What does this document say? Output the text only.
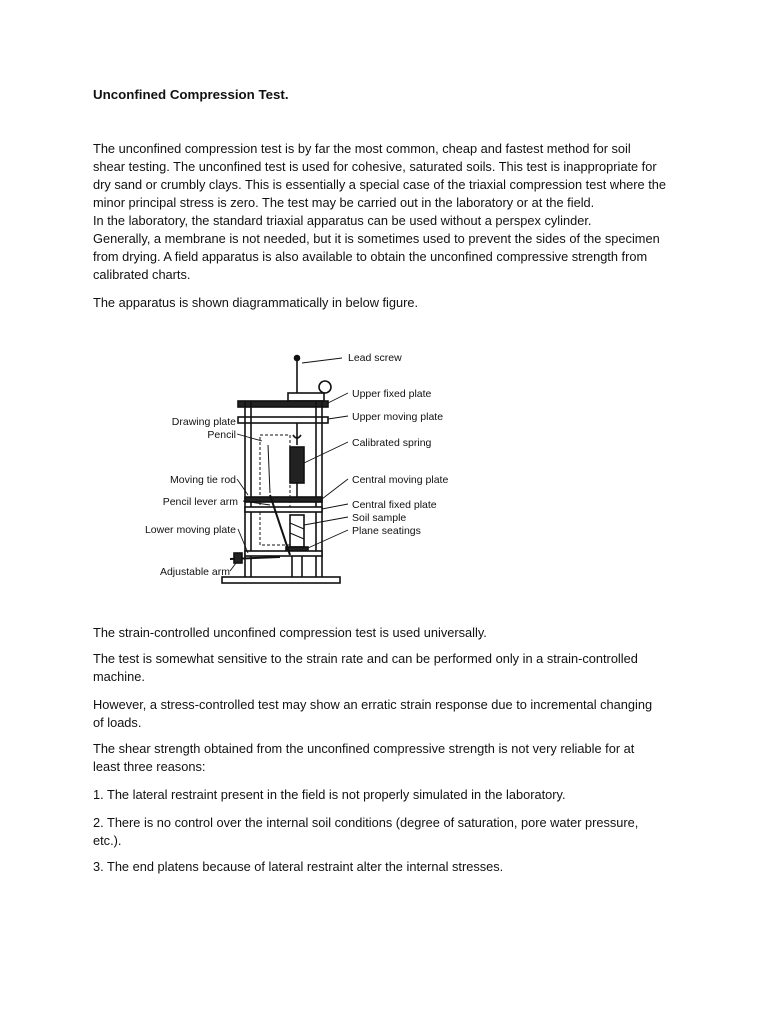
Unconfined Compression Test.

The unconfined compression test is by far the most common, cheap and fastest method for soil
shear testing. The unconfined test is used for cohesive, saturated soils. This test is inappropriate for
dry sand or crumbly clays. This is essentially a special case of the triaxial compression test where the
minor principal stress is zero. The test may be carried out in the laboratory or at the field.
In the laboratory, the standard triaxial apparatus can be used without a perspex cylinder.
Generally, a membrane is not needed, but it is sometimes used to prevent the sides of the specimen
from drying. A field apparatus is also available to obtain the unconfined compressive strength from
calibrated charts.

The apparatus is shown diagrammatically in below figure.

Lead screw
Upper fixed plate
Upper moving plate
Calibrated spring
Central moving plate
Central fixed plate
Soil sample
Plane seatings
Drawing plate
Pencil
Moving tie rod
Pencil lever arm
Lower moving plate
Adjustable arm

The strain-controlled unconfined compression test is used universally.

The test is somewhat sensitive to the strain rate and can be performed only in a strain-controlled
machine.

However, a stress-controlled test may show an erratic strain response due to incremental changing
of loads.

The shear strength obtained from the unconfined compressive strength is not very reliable for at
least three reasons:

1. The lateral restraint present in the field is not properly simulated in the laboratory.

2. There is no control over the internal soil conditions (degree of saturation, pore water pressure,
etc.).

3. The end platens because of lateral restraint alter the internal stresses.
